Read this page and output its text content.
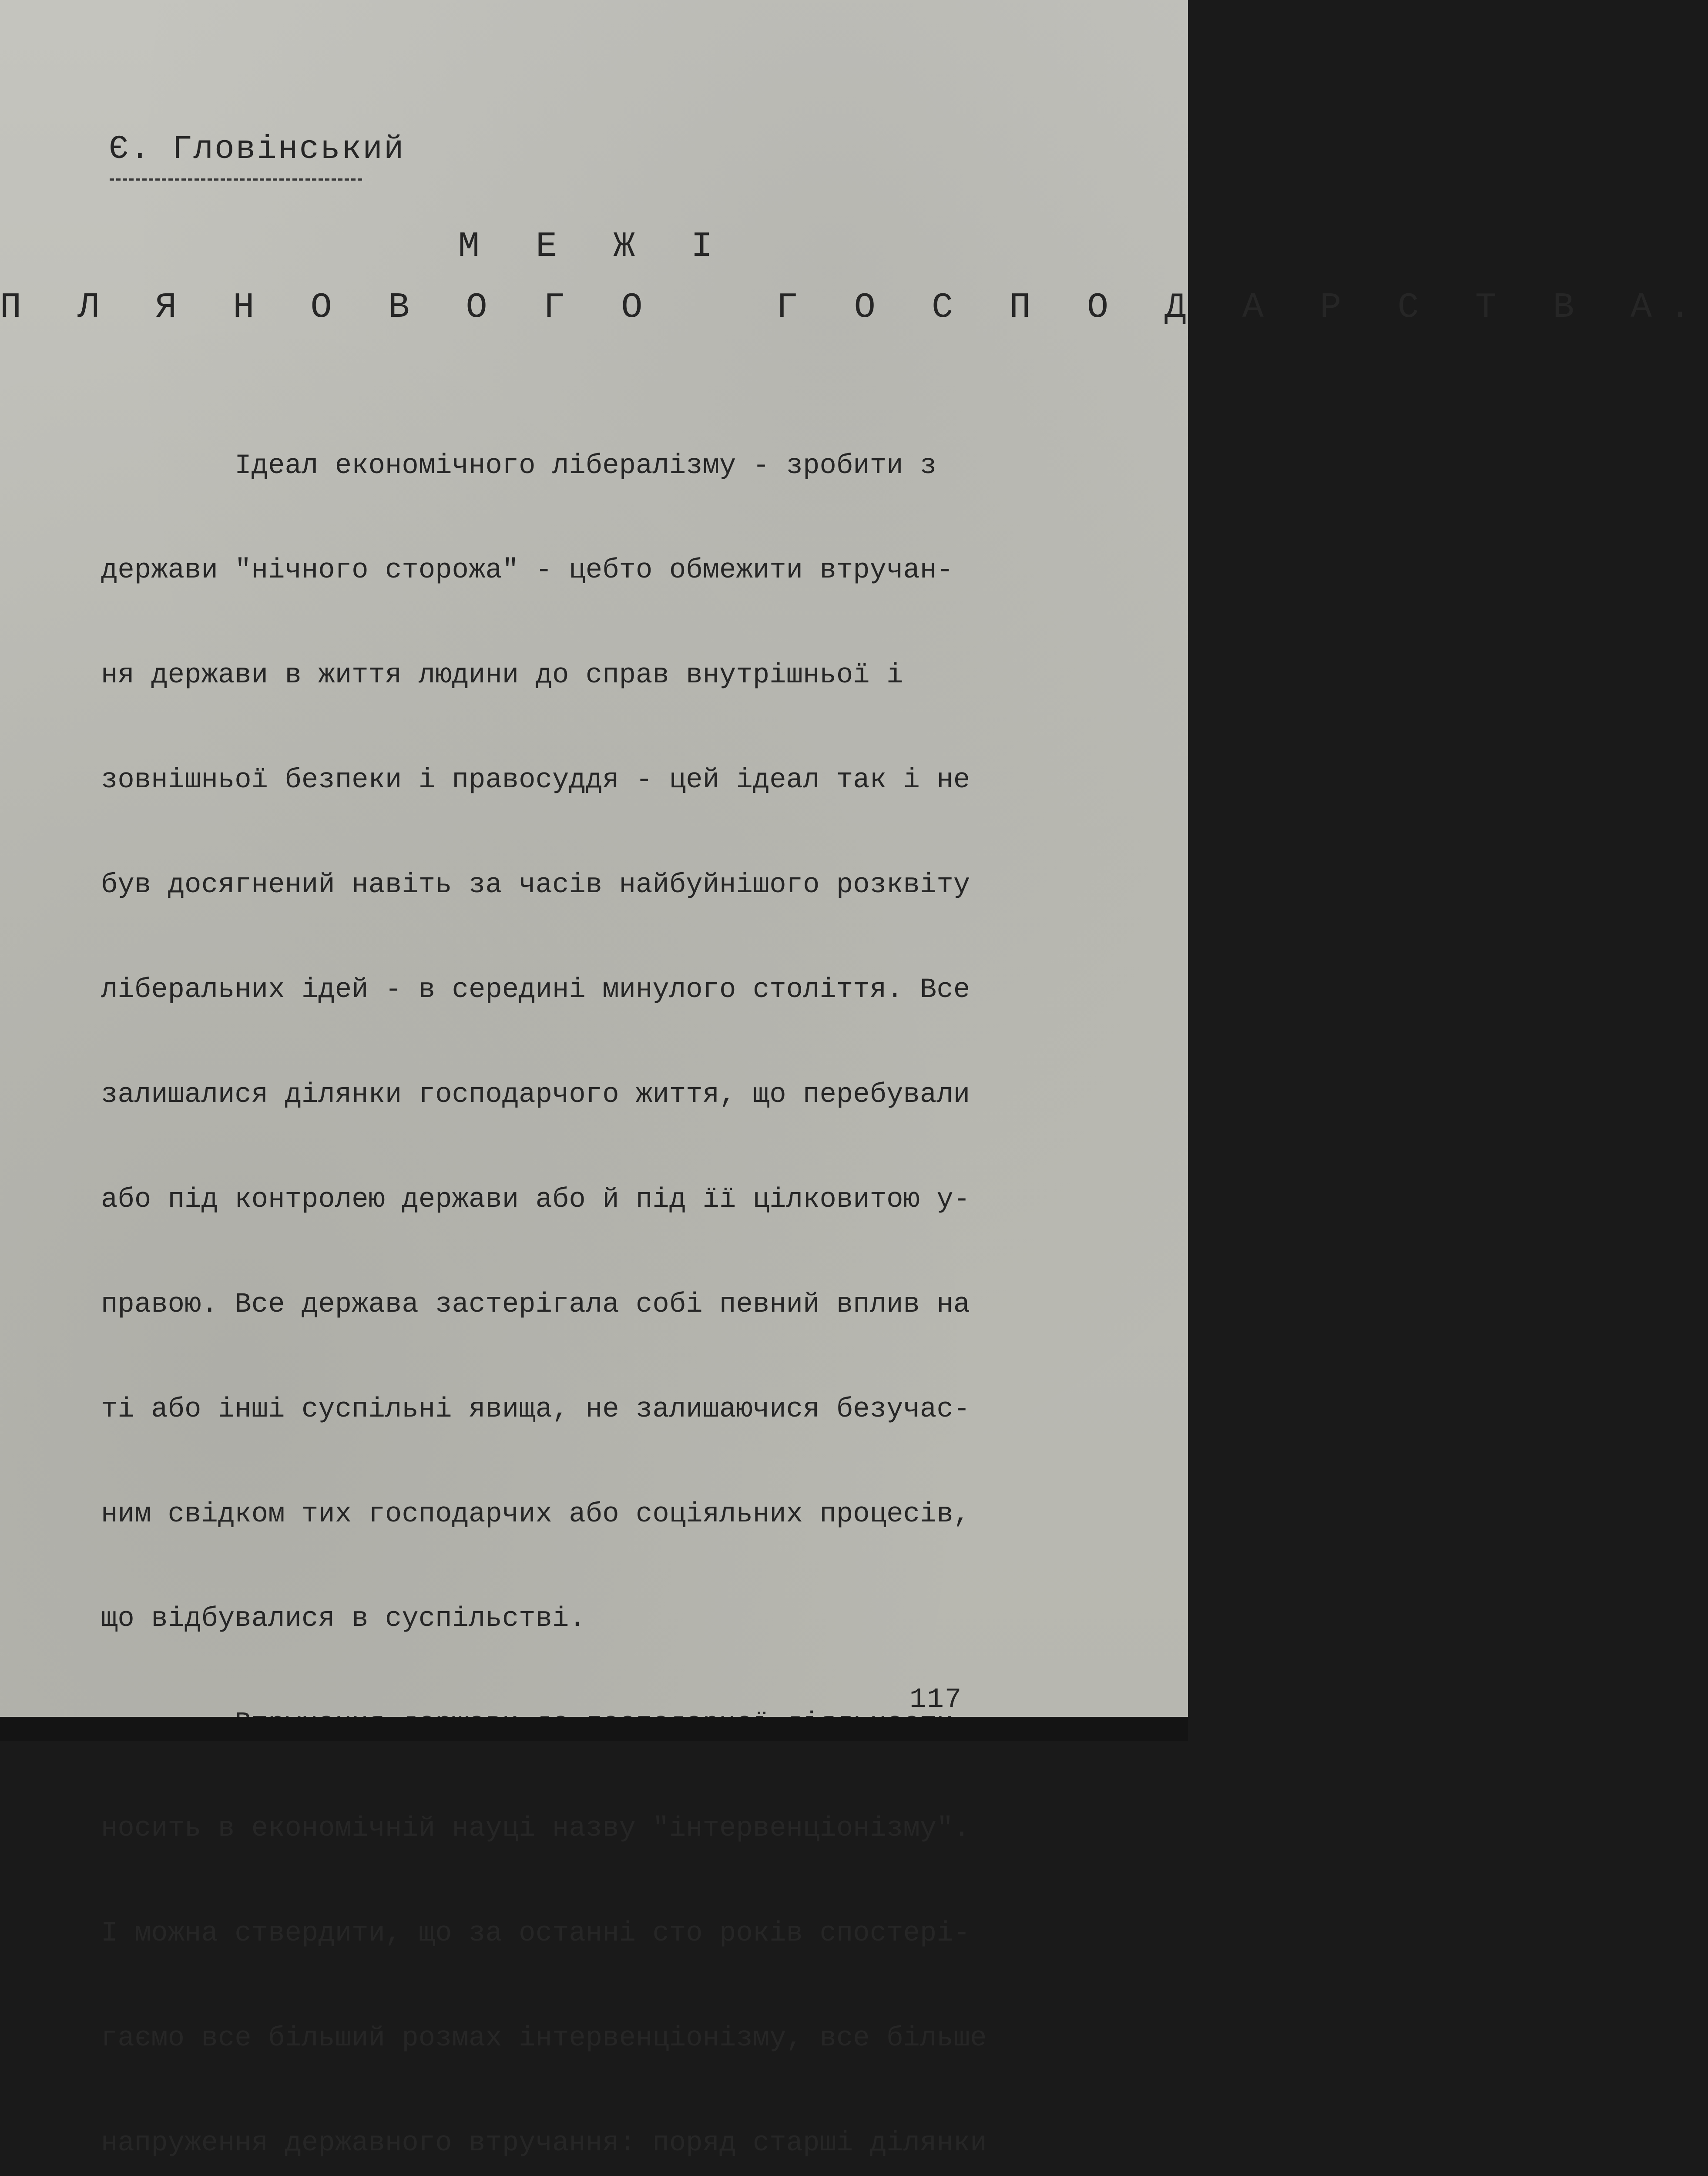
Є. Гловінський
М Е Ж І
П Л Я Н О В О Г О   Г О С П О Д А Р С Т В А.

Ідеал економічного лібералізму - зробити з

держави "нічного сторожа" - цебто обмежити втручан-

ня держави в життя людини до справ внутрішньої і

зовнішньої безпеки і правосуддя - цей ідеал так і не

був досягнений навіть за часів найбуйнішого розквіту

ліберальних ідей - в середині минулого століття. Все

залишалися ділянки господарчого життя, що перебували

або під контролею держави або й під її цілковитою у-

правою. Все держава застерігала собі певний вплив на

ті або інші суспільні явища, не залишаючися безучас-

ним свідком тих господарчих або соціяльних процесів,

що відбувалися в суспільстві.

носить в економічній науці назву "інтервенціонізму".

І можна ствердити, що за останні сто років спостері-

гаємо все більший розмах інтервенціонізму, все більше

напруження державного втручання: поряд старші ділянки

117
